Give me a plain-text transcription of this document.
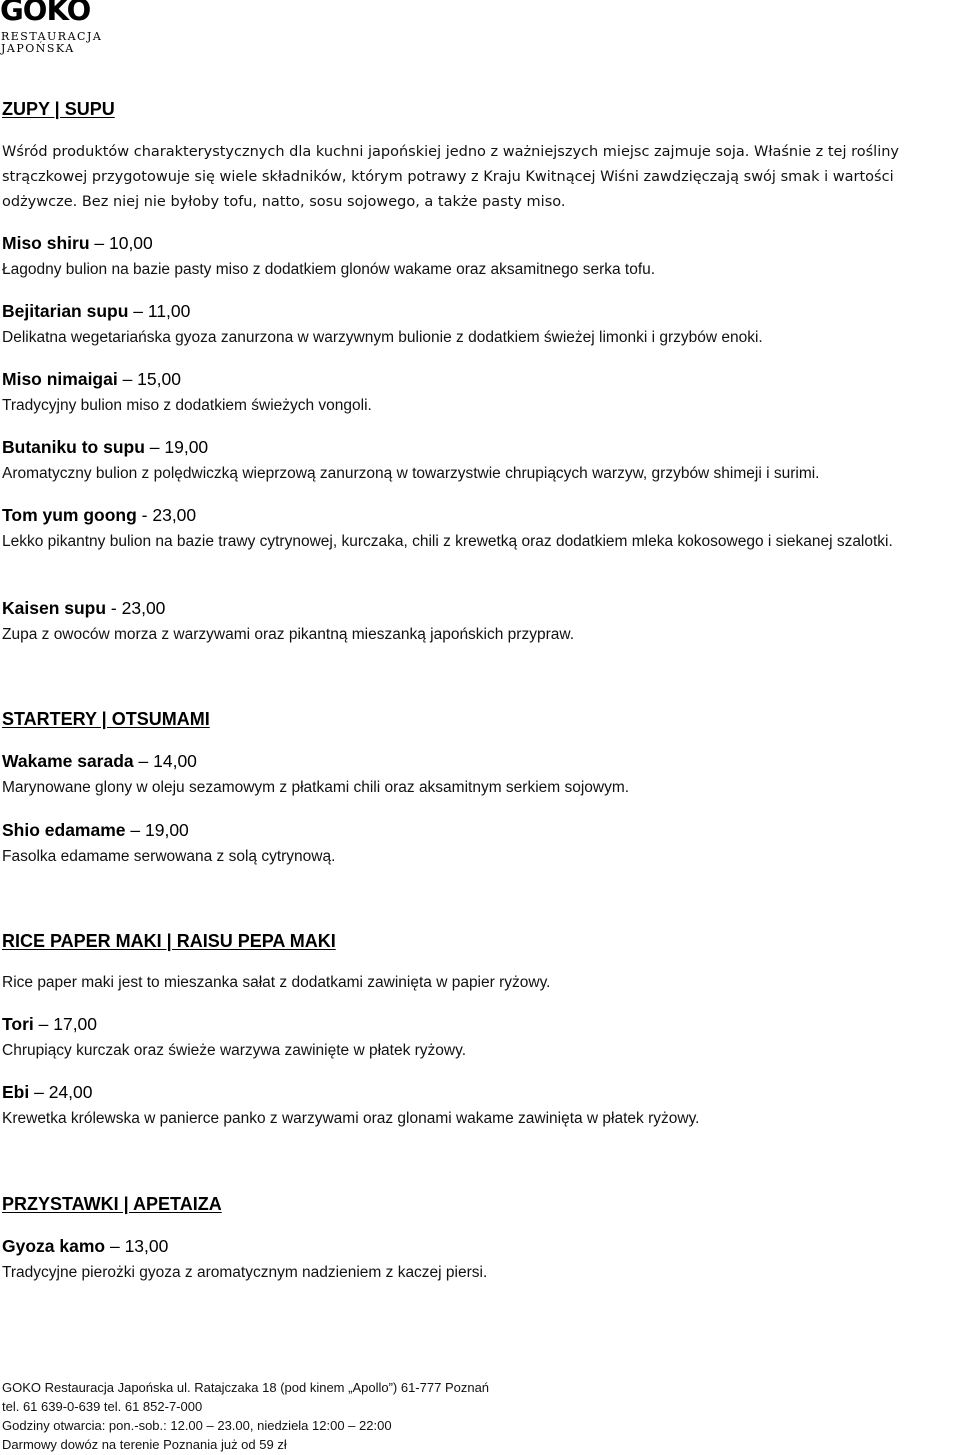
GOKO
RESTAURACJA
JAPOŃSKA
ZUPY | SUPU
Wśród produktów charakterystycznych dla kuchni japońskiej jedno z ważniejszych miejsc zajmuje soja. Właśnie z tej rośliny strączkowej przygotowuje się wiele składników, którym potrawy z Kraju Kwitnącej Wiśni zawdzięczają swój smak i wartości odżywcze. Bez niej nie byłoby tofu, natto, sosu sojowego, a także pasty miso.
Miso shiru – 10,00
Łagodny bulion na bazie pasty miso z dodatkiem glonów wakame oraz aksamitnego serka tofu.
Bejitarian supu – 11,00
Delikatna wegetariańska gyoza zanurzona w warzywnym bulionie z dodatkiem świeżej limonki i grzybów enoki.
Miso nimaigai – 15,00
Tradycyjny bulion miso z dodatkiem świeżych vongoli.
Butaniku to supu – 19,00
Aromatyczny bulion z polędwiczką wieprzową zanurzoną w towarzystwie chrupiących warzyw, grzybów shimeji i surimi.
Tom yum goong - 23,00
Lekko pikantny bulion na bazie trawy cytrynowej, kurczaka, chili z krewetką oraz dodatkiem mleka kokosowego i siekanej szalotki.
Kaisen supu - 23,00
Zupa z owoców morza z warzywami oraz pikantną mieszanką japońskich przypraw.
STARTERY | OTSUMAMI
Wakame sarada – 14,00
Marynowane glony w oleju sezamowym z płatkami chili oraz aksamitnym serkiem sojowym.
Shio edamame – 19,00
Fasolka edamame serwowana z solą cytrynową.
RICE PAPER MAKI | RAISU PEPA MAKI
Rice paper maki jest to mieszanka sałat z dodatkami zawinięta w papier ryżowy.
Tori – 17,00
Chrupiący kurczak oraz świeże warzywa zawinięte w płatek ryżowy.
Ebi – 24,00
Krewetka królewska w panierce panko z warzywami oraz glonami wakame zawinięta w płatek ryżowy.
PRZYSTAWKI | APETAIZA
Gyoza kamo – 13,00
Tradycyjne pierożki gyoza z aromatycznym nadzieniem z kaczej piersi.
GOKO Restauracja Japońska ul. Ratajczaka 18 (pod kinem „Apollo”) 61-777 Poznań
tel. 61 639-0-639 tel. 61 852-7-000
Godziny otwarcia: pon.-sob.: 12.00 – 23.00, niedziela 12:00 – 22:00
Darmowy dowóz na terenie Poznania już od 59 zł
